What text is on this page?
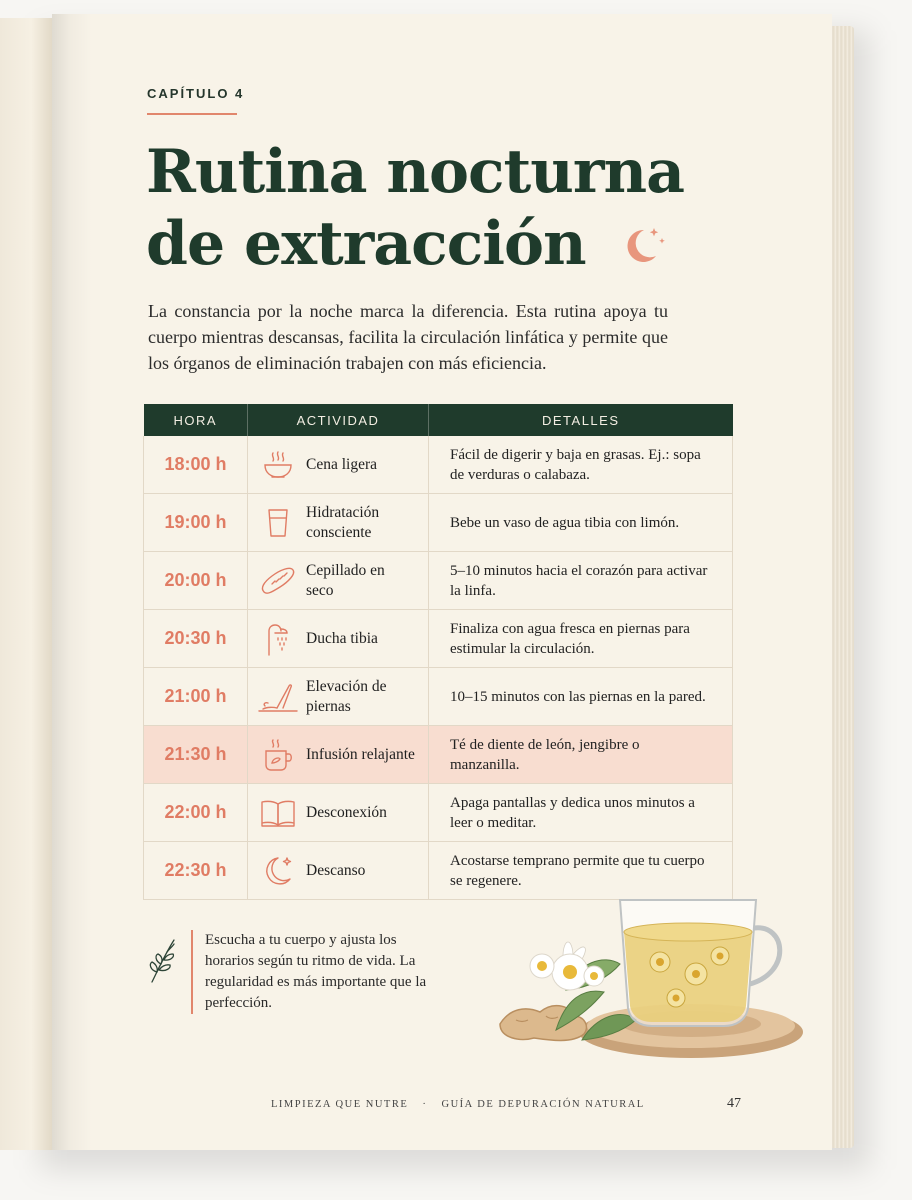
CAPÍTULO 4
Rutina nocturna
de extracción
La constancia por la noche marca la diferencia. Esta rutina apoya tu cuerpo mientras descansas, facilita la circulación linfática y permite que los órganos de eliminación trabajen con más eficiencia.
HORA	ACTIVIDAD	DETALLES
18:00 h	Cena ligera	Fácil de digerir y baja en grasas. Ej.: sopa de verduras o calabaza.

19:00 h	Hidratación consciente	Bebe un vaso de agua tibia con limón.

20:00 h	Cepillado en seco	5–10 minutos hacia el corazón para activar la linfa.

20:30 h	Ducha tibia	Finaliza con agua fresca en piernas para estimular la circulación.

21:00 h	Elevación de piernas	10–15 minutos con las piernas en la pared.

21:30 h	Infusión relajante	Té de diente de león, jengibre o manzanilla.

22:00 h	Desconexión	Apaga pantallas y dedica unos minutos a leer o meditar.

22:30 h	Descanso	Acostarse temprano permite que tu cuerpo se regenere.
Escucha a tu cuerpo y ajusta los horarios según tu ritmo de vida. La regularidad es más importante que la perfección.
LIMPIEZA QUE NUTRE · GUÍA DE DEPURACIÓN NATURAL	47
